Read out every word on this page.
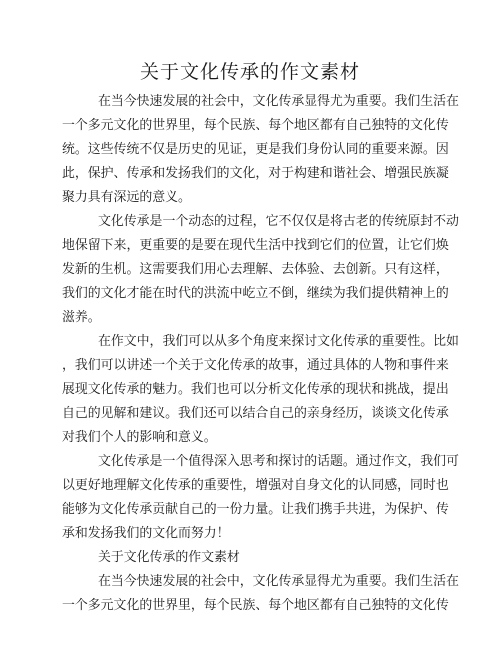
关于文化传承的作文素材

在当今快速发展的社会中，文化传承显得尤为重要。我们生活在

一个多元文化的世界里，每个民族、每个地区都有自己独特的文化传

统。这些传统不仅是历史的见证，更是我们身份认同的重要来源。因

此，保护、传承和发扬我们的文化，对于构建和谐社会、增强民族凝

聚力具有深远的意义。

文化传承是一个动态的过程，它不仅仅是将古老的传统原封不动

地保留下来，更重要的是要在现代生活中找到它们的位置，让它们焕

发新的生机。这需要我们用心去理解、去体验、去创新。只有这样，

我们的文化才能在时代的洪流中屹立不倒，继续为我们提供精神上的

滋养。

在作文中，我们可以从多个角度来探讨文化传承的重要性。比如

，我们可以讲述一个关于文化传承的故事，通过具体的人物和事件来

展现文化传承的魅力。我们也可以分析文化传承的现状和挑战，提出

自己的见解和建议。我们还可以结合自己的亲身经历，谈谈文化传承

对我们个人的影响和意义。

文化传承是一个值得深入思考和探讨的话题。通过作文，我们可

以更好地理解文化传承的重要性，增强对自身文化的认同感，同时也

能够为文化传承贡献自己的一份力量。让我们携手共进，为保护、传

承和发扬我们的文化而努力！

关于文化传承的作文素材

在当今快速发展的社会中，文化传承显得尤为重要。我们生活在

一个多元文化的世界里，每个民族、每个地区都有自己独特的文化传
